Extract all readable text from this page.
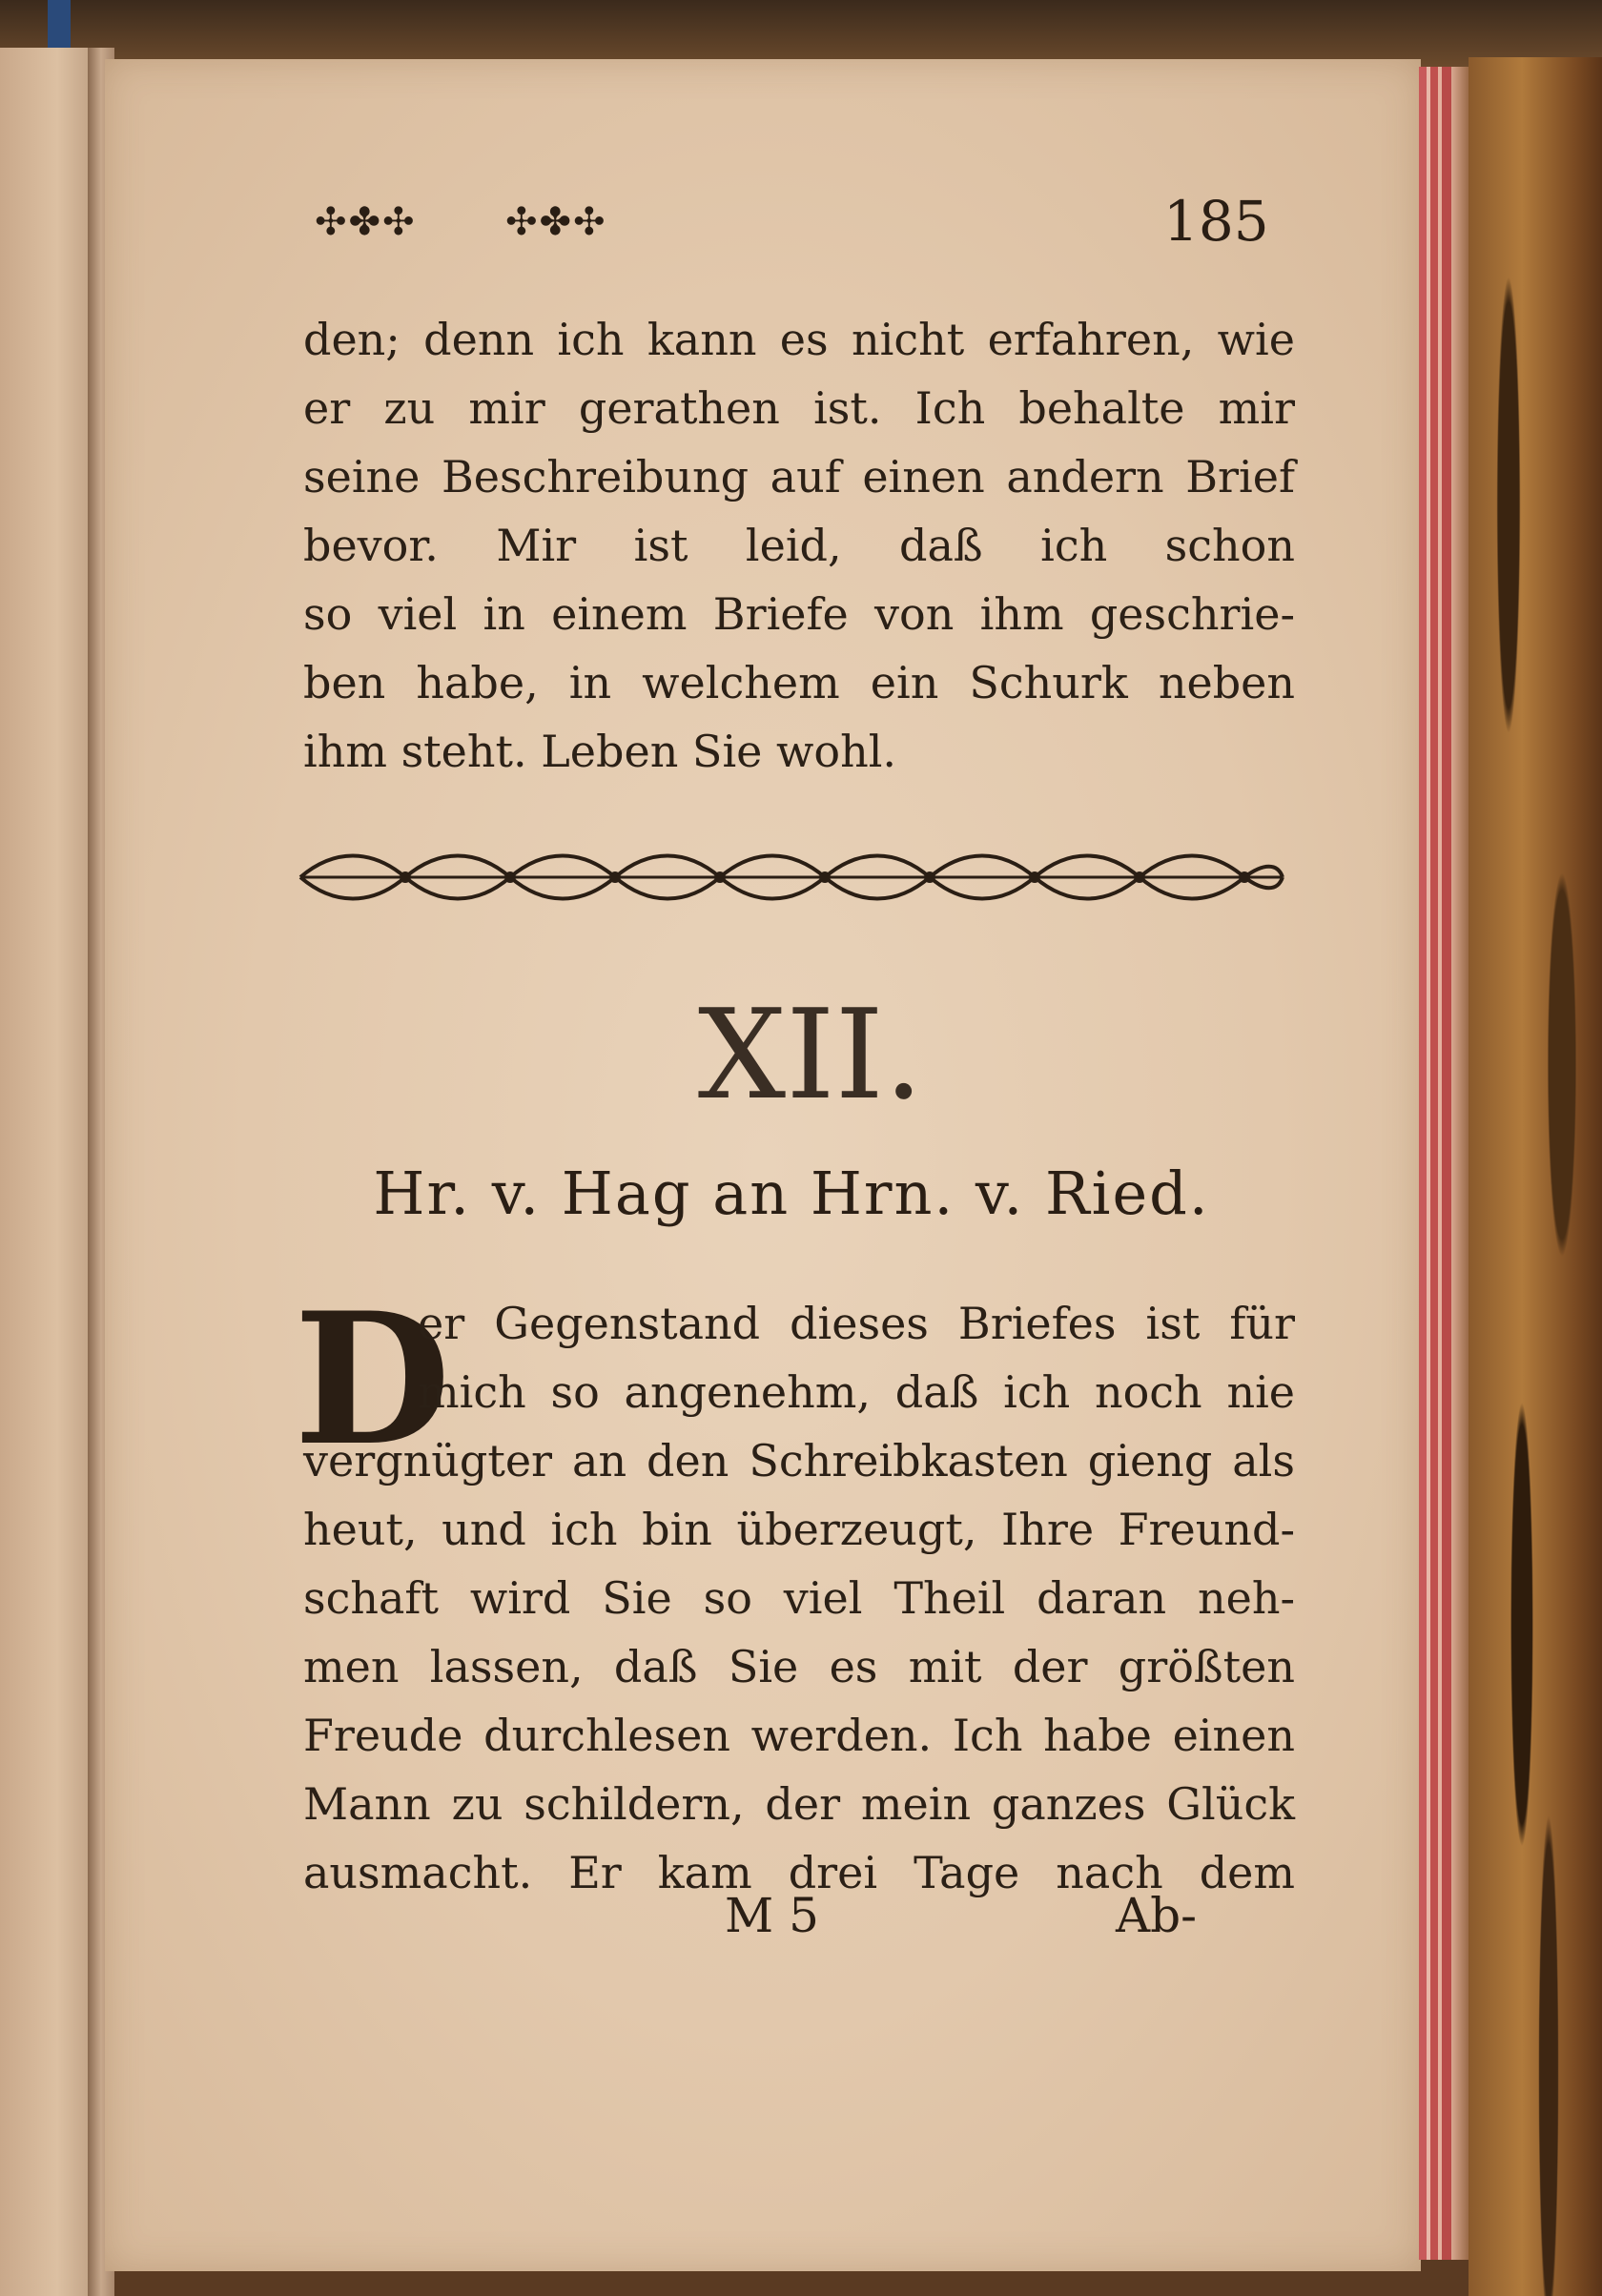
✣✤✣ ✣✤✣	185
den; denn ich kann es nicht erfahren, wie
er zu mir gerathen ist. Ich behalte mir
seine Beschreibung auf einen andern Brief
bevor. Mir ist leid, daß ich schon
so viel in einem Briefe von ihm geschrie-
ben habe, in welchem ein Schurk neben
ihm steht. Leben Sie wohl.
XII.
Hr. v. Hag an Hrn. v. Ried.
D
er Gegenstand dieses Briefes ist für
mich so angenehm, daß ich noch nie
vergnügter an den Schreibkasten gieng als
heut, und ich bin überzeugt, Ihre Freund-
schaft wird Sie so viel Theil daran neh-
men lassen, daß Sie es mit der größten
Freude durchlesen werden. Ich habe einen
Mann zu schildern, der mein ganzes Glück
ausmacht. Er kam drei Tage nach dem
M 5	Ab-
